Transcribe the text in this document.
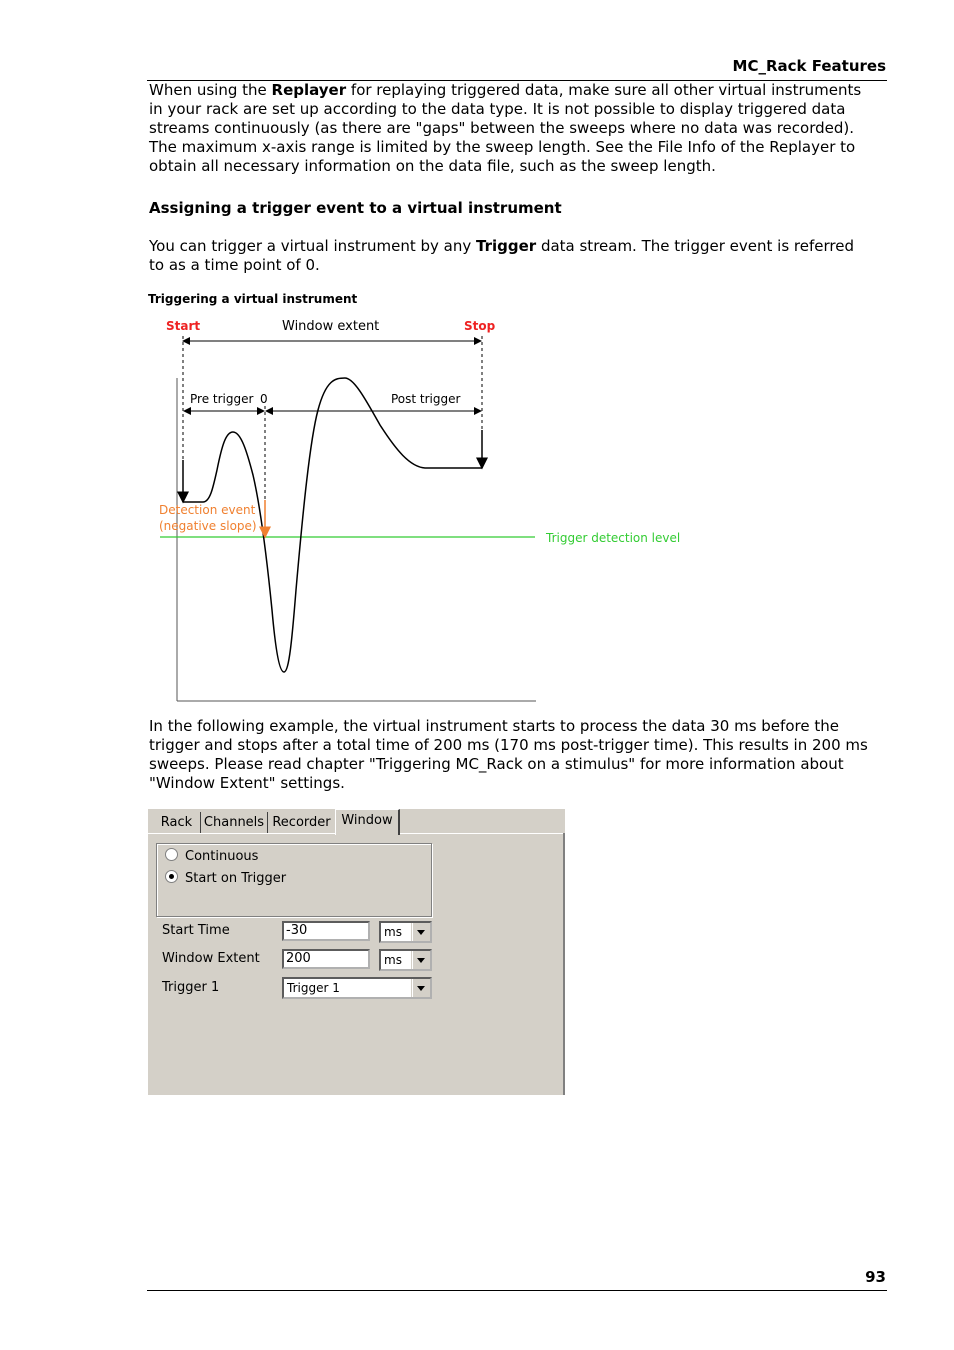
MC_Rack Features
When using the Replayer for replaying triggered data, make sure all other virtual instruments in your rack are set up according to the data type. It is not possible to display triggered data streams continuously (as there are "gaps" between the sweeps where no data was recorded). The maximum x-axis range is limited by the sweep length. See the File Info of the Replayer to obtain all necessary information on the data file, such as the sweep length.
Assigning a trigger event to a virtual instrument
You can trigger a virtual instrument by any Trigger data stream. The trigger event is referred to as a time point of 0.
Triggering a virtual instrument
Start	Window extent	Stop
Pre trigger 0	Post trigger
Detection event
(negative slope)
Trigger detection level
In the following example, the virtual instrument starts to process the data 30 ms before the trigger and stops after a total time of 200 ms (170 ms post-trigger time). This results in 200 ms sweeps. Please read chapter "Triggering MC_Rack on a stimulus" for more information about "Window Extent" settings.
Rack Channels Recorder Window
Continuous
Start on Trigger
Start Time	-30	ms
Window Extent	200	ms
Trigger 1	Trigger 1
93
